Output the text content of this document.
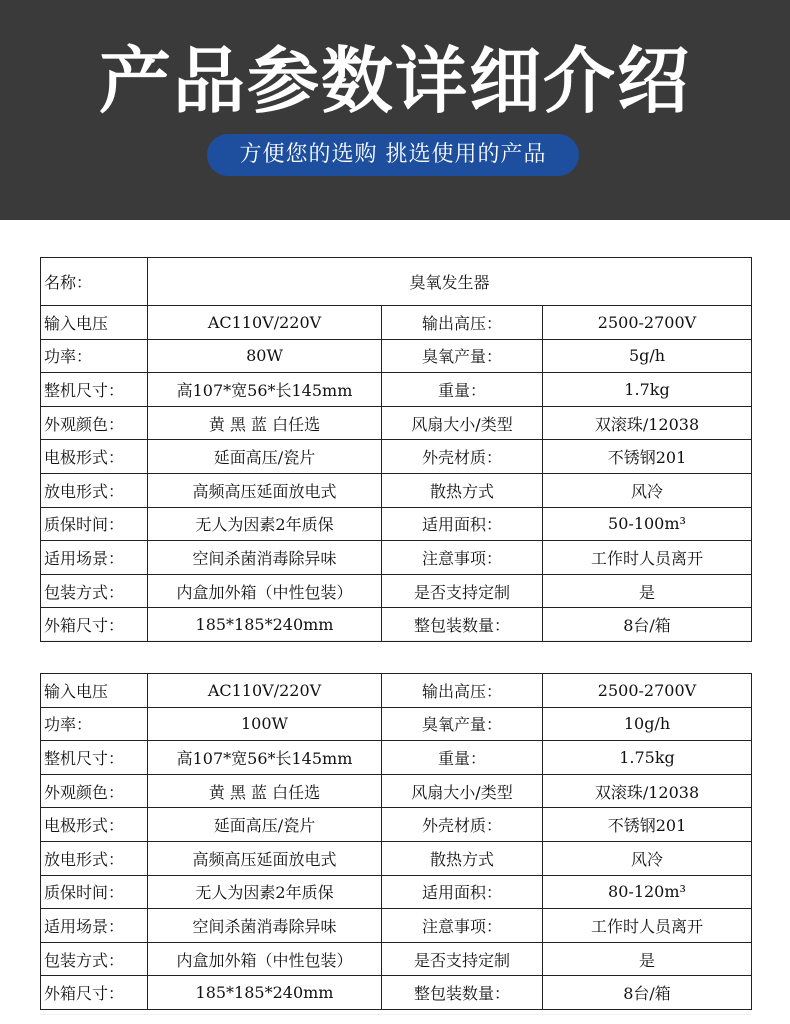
产品参数详细介绍
方便您的选购 挑选使用的产品
名称：	臭氧发生器		
输入电压	AC110V/220V	输出高压：	2500-2700V
功率：	80W	臭氧产量：	5g/h
整机尺寸：	高107*宽56*长145mm	重量：	1.7kg
外观颜色：	黄 黑 蓝 白任选	风扇大小/类型	双滚珠/12038
电极形式：	延面高压/瓷片	外壳材质：	不锈钢201
放电形式：	高频高压延面放电式	散热方式	风冷
质保时间：	无人为因素2年质保	适用面积：	50-100m³
适用场景：	空间杀菌消毒除异味	注意事项：	工作时人员离开
包装方式：	内盒加外箱（中性包装）	是否支持定制	是
外箱尺寸：	185*185*240mm	整包装数量：	8台/箱
输入电压	AC110V/220V	输出高压：	2500-2700V
功率：	100W	臭氧产量：	10g/h
整机尺寸：	高107*宽56*长145mm	重量：	1.75kg
外观颜色：	黄 黑 蓝 白任选	风扇大小/类型	双滚珠/12038
电极形式：	延面高压/瓷片	外壳材质：	不锈钢201
放电形式：	高频高压延面放电式	散热方式	风冷
质保时间：	无人为因素2年质保	适用面积：	80-120m³
适用场景：	空间杀菌消毒除异味	注意事项：	工作时人员离开
包装方式：	内盒加外箱（中性包装）	是否支持定制	是
外箱尺寸：	185*185*240mm	整包装数量：	8台/箱
